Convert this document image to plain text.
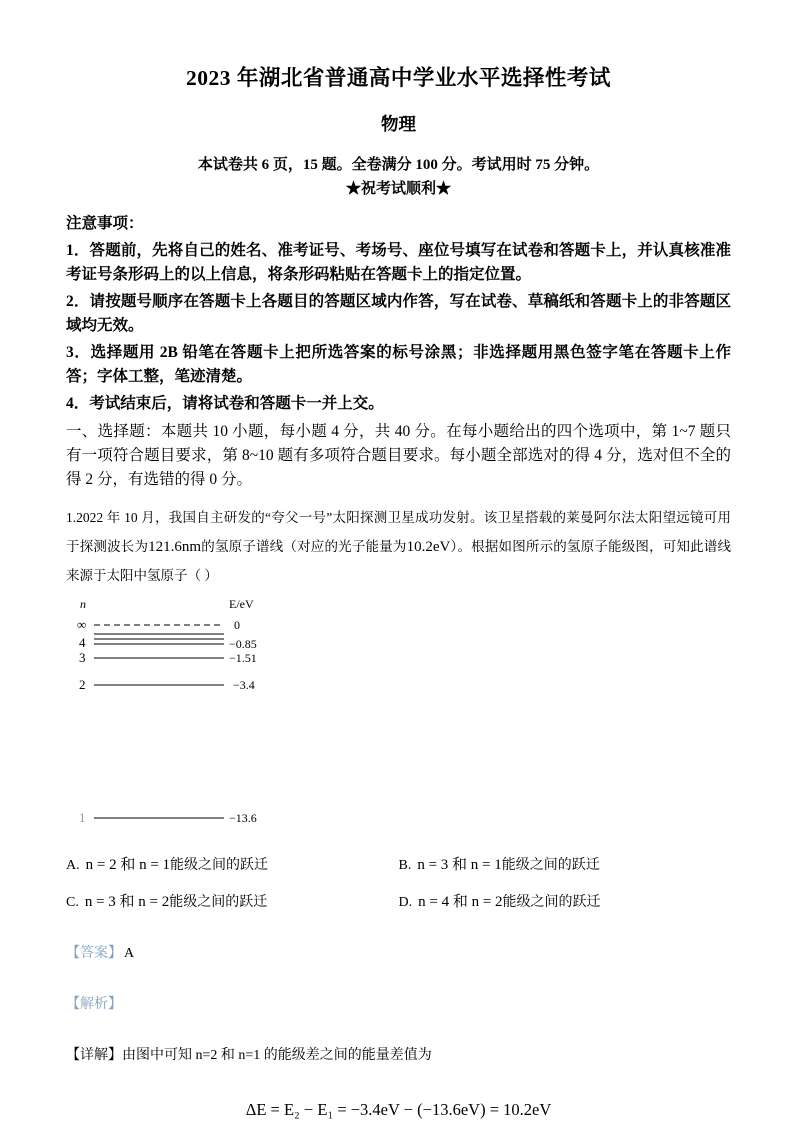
2023 年湖北省普通高中学业水平选择性考试
物理

本试卷共 6 页，15 题。全卷满分 100 分。考试用时 75 分钟。

★祝考试顺利★

注意事项：

1．答题前，先将自己的姓名、准考证号、考场号、座位号填写在试卷和答题卡上，并认真核准准考证号条形码上的以上信息，将条形码粘贴在答题卡上的指定位置。

2．请按题号顺序在答题卡上各题目的答题区域内作答，写在试卷、草稿纸和答题卡上的非答题区域均无效。

3．选择题用 2B 铅笔在答题卡上把所选答案的标号涂黑；非选择题用黑色签字笔在答题卡上作答；字体工整，笔迹清楚。

4．考试结束后，请将试卷和答题卡一并上交。

一、选择题：本题共 10 小题，每小题 4 分，共 40 分。在每小题给出的四个选项中，第 1~7 题只有一项符合题目要求，第 8~10 题有多项符合题目要求。每小题全部选对的得 4 分，选对但不全的得 2 分，有选错的得 0 分。

1.2022 年 10 月，我国自主研发的“夸父一号”太阳探测卫星成功发射。该卫星搭载的莱曼阿尔法太阳望远镜可用于探测波长为121.6nm的氢原子谱线（对应的光子能量为10.2eV）。根据如图所示的氢原子能级图，可知此谱线来源于太阳中氢原子（ ）

n	E/eV
∞	0
4	−0.85
3	−1.51
2	−3.4
1	−13.6
A. n = 2 和 n = 1能级之间的跃迁	B. n = 3 和 n = 1能级之间的跃迁
C. n = 3 和 n = 2能级之间的跃迁	D. n = 4 和 n = 2能级之间的跃迁

【答案】 A

【解析】

【详解】由图中可知 n=2 和 n=1 的能级差之间的能量差值为

ΔE = E₂ − E₁ = −3.4eV − (−13.6eV) = 10.2eV
